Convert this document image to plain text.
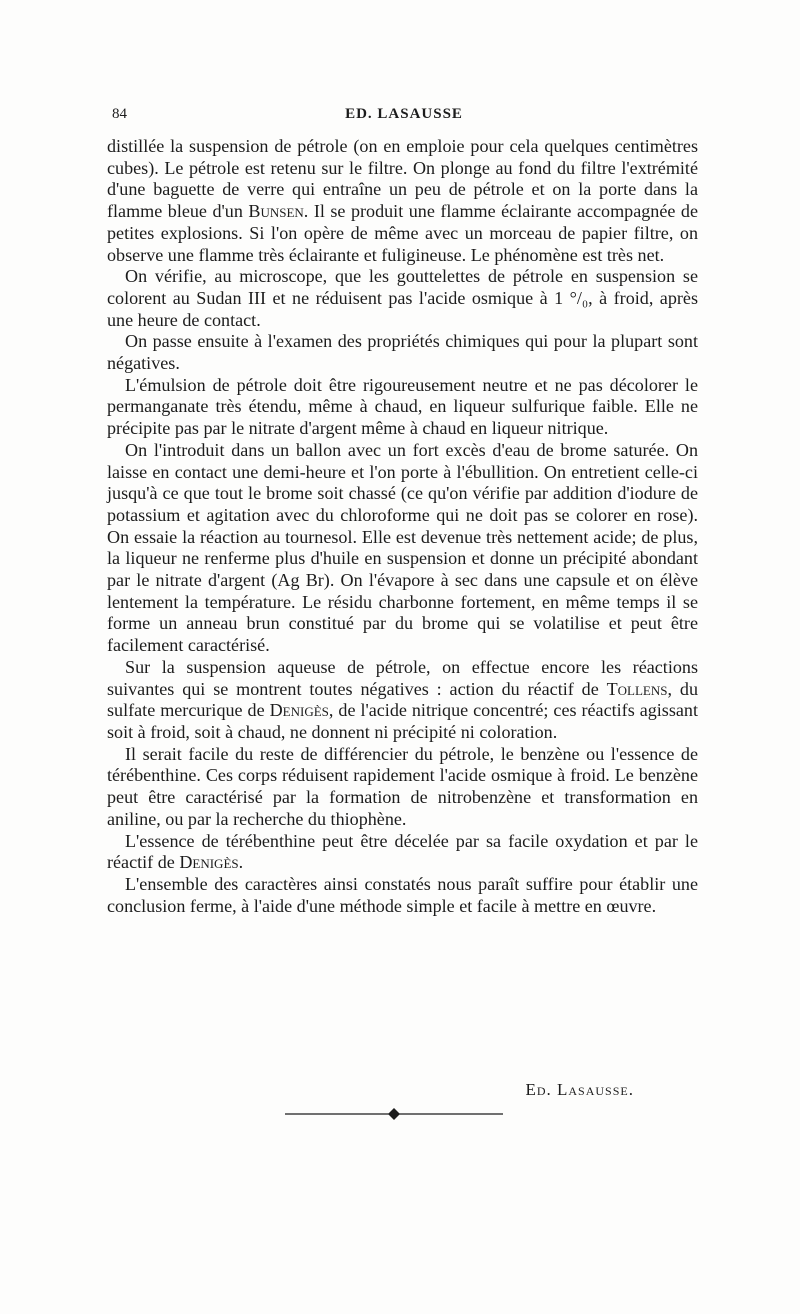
84	ED. LASAUSSE

distillée la suspension de pétrole (on en emploie pour cela quelques centimètres cubes). Le pétrole est retenu sur le filtre. On plonge au fond du filtre l'extrémité d'une baguette de verre qui entraîne un peu de pétrole et on la porte dans la flamme bleue d'un Bunsen. Il se produit une flamme éclairante accompagnée de petites explosions. Si l'on opère de même avec un morceau de papier filtre, on observe une flamme très éclairante et fuligineuse. Le phénomène est très net.

On vérifie, au microscope, que les gouttelettes de pétrole en suspension se colorent au Sudan III et ne réduisent pas l'acide osmique à 1 °/₀, à froid, après une heure de contact.

On passe ensuite à l'examen des propriétés chimiques qui pour la plupart sont négatives.

L'émulsion de pétrole doit être rigoureusement neutre et ne pas décolorer le permanganate très étendu, même à chaud, en liqueur sulfurique faible. Elle ne précipite pas par le nitrate d'argent même à chaud en liqueur nitrique.

On l'introduit dans un ballon avec un fort excès d'eau de brome saturée. On laisse en contact une demi-heure et l'on porte à l'ébullition. On entretient celle-ci jusqu'à ce que tout le brome soit chassé (ce qu'on vérifie par addition d'iodure de potassium et agitation avec du chloroforme qui ne doit pas se colorer en rose). On essaie la réaction au tournesol. Elle est devenue très nettement acide; de plus, la liqueur ne renferme plus d'huile en suspension et donne un précipité abondant par le nitrate d'argent (Ag Br). On l'évapore à sec dans une capsule et on élève lentement la température. Le résidu charbonne fortement, en même temps il se forme un anneau brun constitué par du brome qui se volatilise et peut être facilement caractérisé.

Sur la suspension aqueuse de pétrole, on effectue encore les réactions suivantes qui se montrent toutes négatives : action du réactif de Tollens, du sulfate mercurique de Denigès, de l'acide nitrique concentré; ces réactifs agissant soit à froid, soit à chaud, ne donnent ni précipité ni coloration.

Il serait facile du reste de différencier du pétrole, le benzène ou l'essence de térébenthine. Ces corps réduisent rapidement l'acide osmique à froid. Le benzène peut être caractérisé par la formation de nitrobenzène et transformation en aniline, ou par la recherche du thiophène.

L'essence de térébenthine peut être décelée par sa facile oxydation et par le réactif de Denigès.

L'ensemble des caractères ainsi constatés nous paraît suffire pour établir une conclusion ferme, à l'aide d'une méthode simple et facile à mettre en œuvre.

Ed. Lasausse.
